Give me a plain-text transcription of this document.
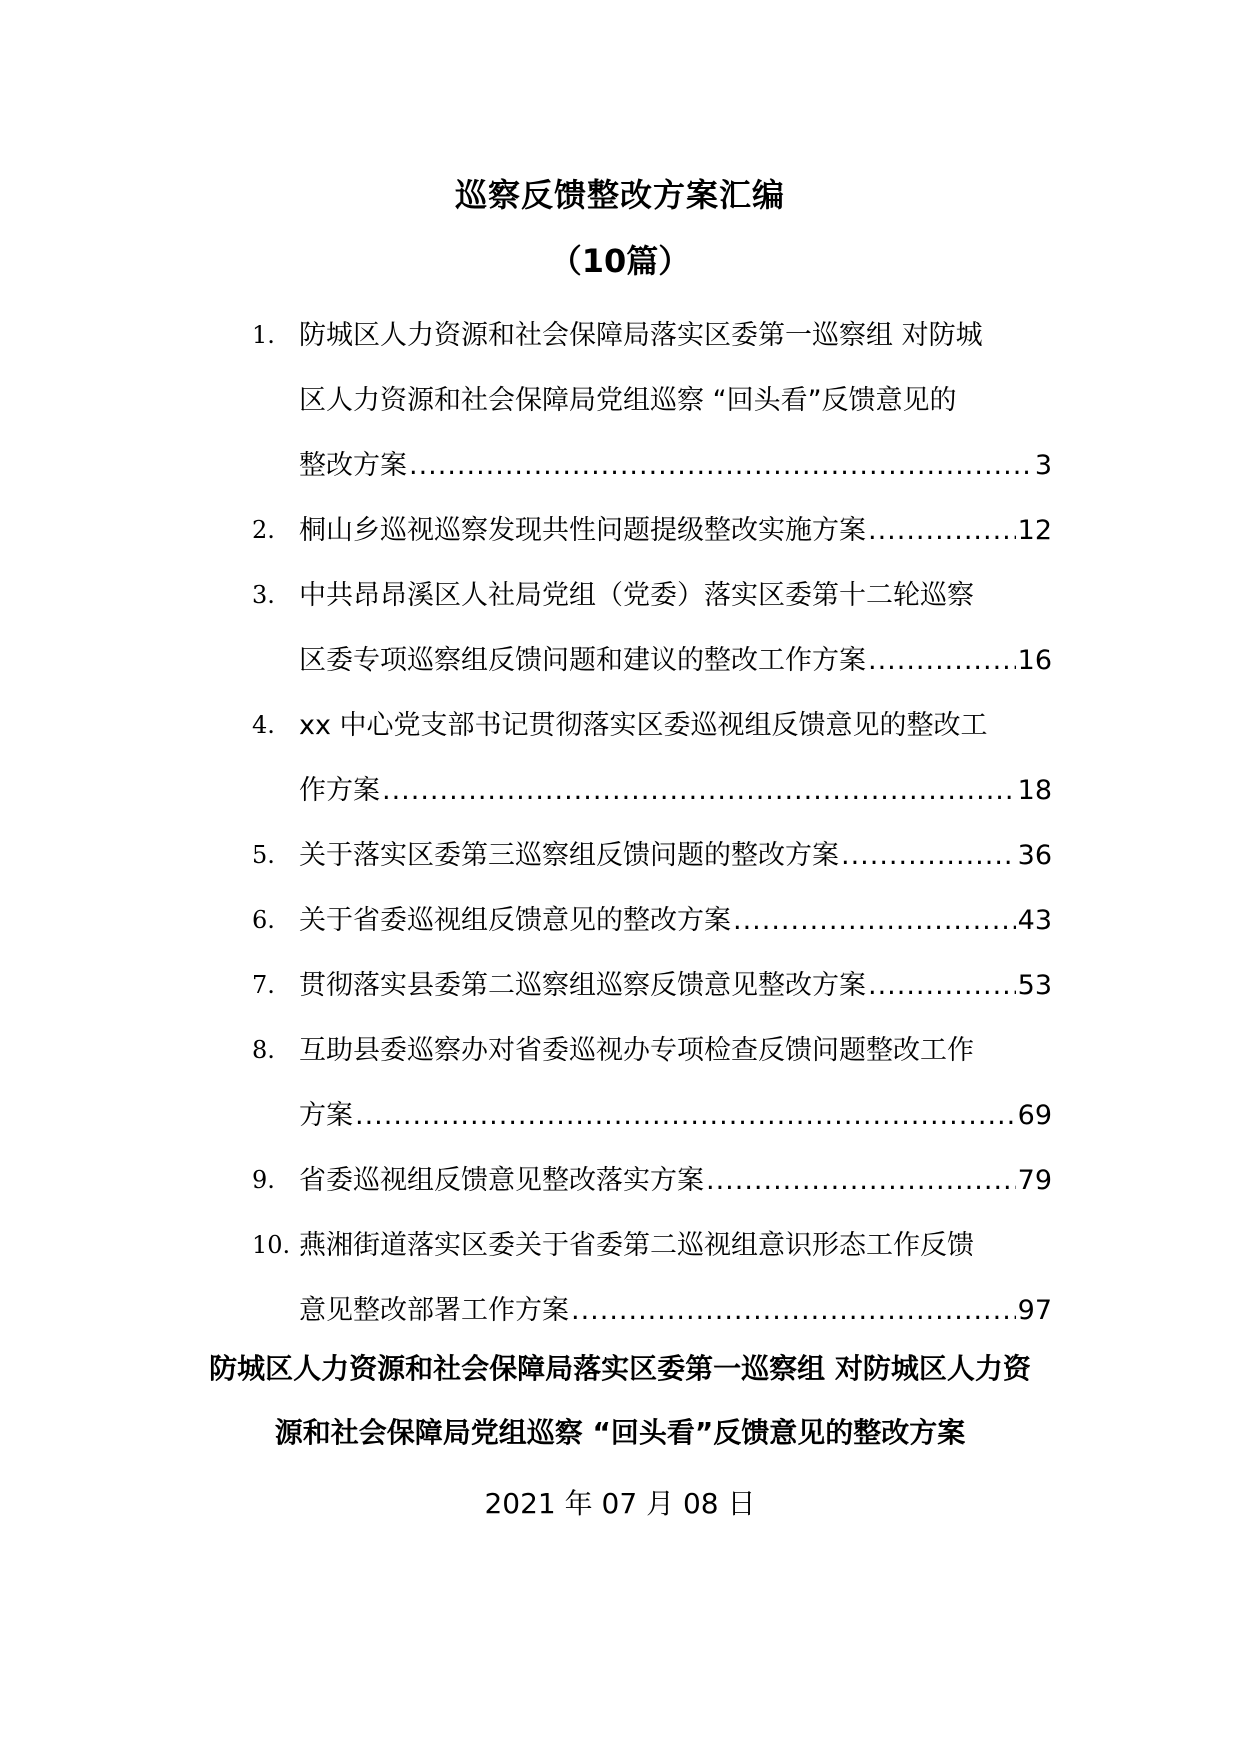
巡察反馈整改方案汇编
（10篇）
1. 防城区人力资源和社会保障局落实区委第一巡察组 对防城
区人力资源和社会保障局党组巡察 “回头看”反馈意见的
整改方案 .....	3
2. 桐山乡巡视巡察发现共性问题提级整改实施方案 .....	12
3. 中共昂昂溪区人社局党组（党委）落实区委第十二轮巡察
区委专项巡察组反馈问题和建议的整改工作方案 .....	16
4. xx 中心党支部书记贯彻落实区委巡视组反馈意见的整改工
作方案 .....	18
5. 关于落实区委第三巡察组反馈问题的整改方案 .....	36
6. 关于省委巡视组反馈意见的整改方案 .....	43
7. 贯彻落实县委第二巡察组巡察反馈意见整改方案 .....	53
8. 互助县委巡察办对省委巡视办专项检查反馈问题整改工作
方案 .....	69
9. 省委巡视组反馈意见整改落实方案 .....	79
10. 燕湘街道落实区委关于省委第二巡视组意识形态工作反馈
意见整改部署工作方案 .....	97
防城区人力资源和社会保障局落实区委第一巡察组 对防城区人力资
源和社会保障局党组巡察 “回头看”反馈意见的整改方案
2021 年 07 月 08 日
